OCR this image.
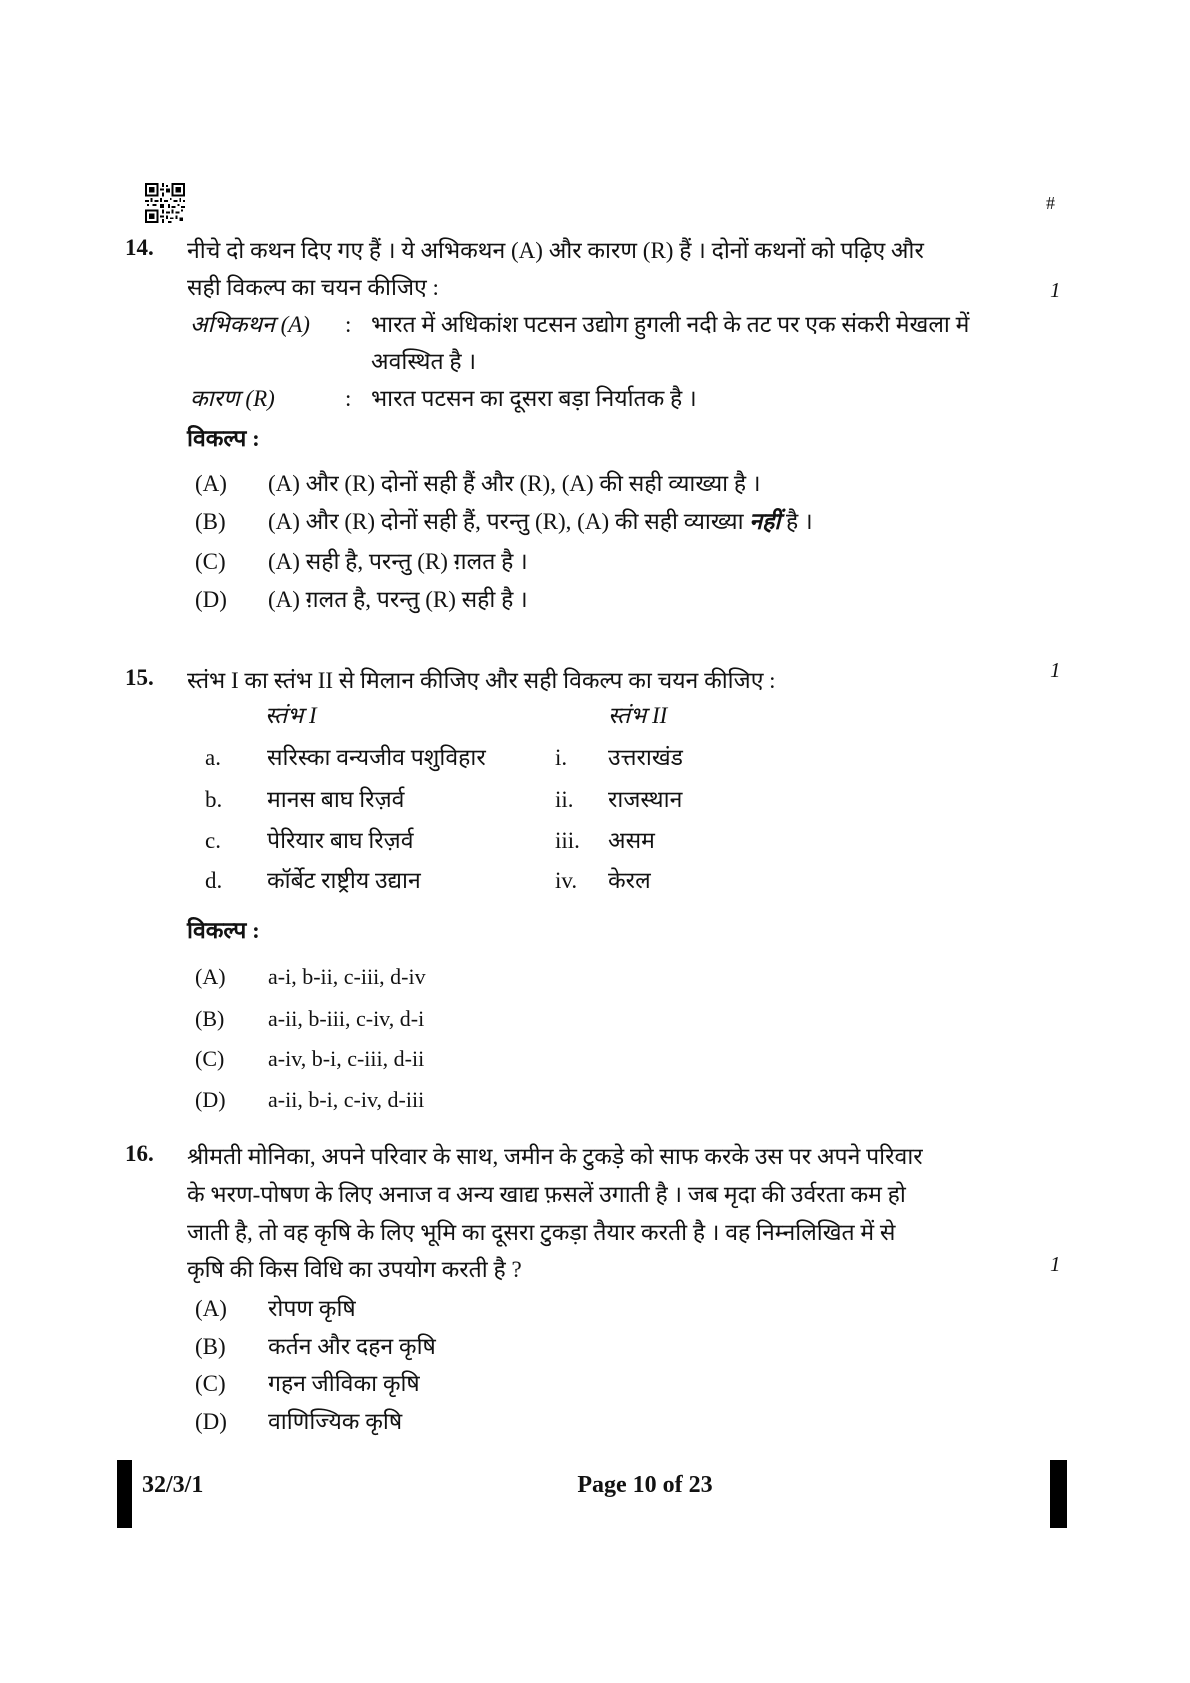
#
14. नीचे दो कथन दिए गए हैं । ये अभिकथन (A) और कारण (R) हैं । दोनों कथनों को पढ़िए और
सही विकल्प का चयन कीजिए :	1
अभिकथन (A)	: भारत में अधिकांश पटसन उद्योग हुगली नदी के तट पर एक संकरी मेखला में
अवस्थित है ।
कारण (R)	: भारत पटसन का दूसरा बड़ा निर्यातक है ।
विकल्प :
(A)	(A) और (R) दोनों सही हैं और (R), (A) की सही व्याख्या है ।
(B)	(A) और (R) दोनों सही हैं, परन्तु (R), (A) की सही व्याख्या नहीं है ।
(C)	(A) सही है, परन्तु (R) ग़लत है ।
(D)	(A) ग़लत है, परन्तु (R) सही है ।
15. स्तंभ I का स्तंभ II से मिलान कीजिए और सही विकल्प का चयन कीजिए :	1
स्तंभ I	स्तंभ II
a.	सरिस्का वन्यजीव पशुविहार	i.	उत्तराखंड
b.	मानस बाघ रिज़र्व	ii.	राजस्थान
c.	पेरियार बाघ रिज़र्व	iii.	असम
d.	कॉर्बेट राष्ट्रीय उद्यान	iv.	केरल
विकल्प :
(A)	a-i, b-ii, c-iii, d-iv
(B)	a-ii, b-iii, c-iv, d-i
(C)	a-iv, b-i, c-iii, d-ii
(D)	a-ii, b-i, c-iv, d-iii
16. श्रीमती मोनिका, अपने परिवार के साथ, जमीन के टुकड़े को साफ करके उस पर अपने परिवार
के भरण-पोषण के लिए अनाज व अन्य खाद्य फ़सलें उगाती है । जब मृदा की उर्वरता कम हो
जाती है, तो वह कृषि के लिए भूमि का दूसरा टुकड़ा तैयार करती है । वह निम्नलिखित में से
कृषि की किस विधि का उपयोग करती है ?	1
(A)	रोपण कृषि
(B)	कर्तन और दहन कृषि
(C)	गहन जीविका कृषि
(D)	वाणिज्यिक कृषि
32/3/1	Page 10 of 23
